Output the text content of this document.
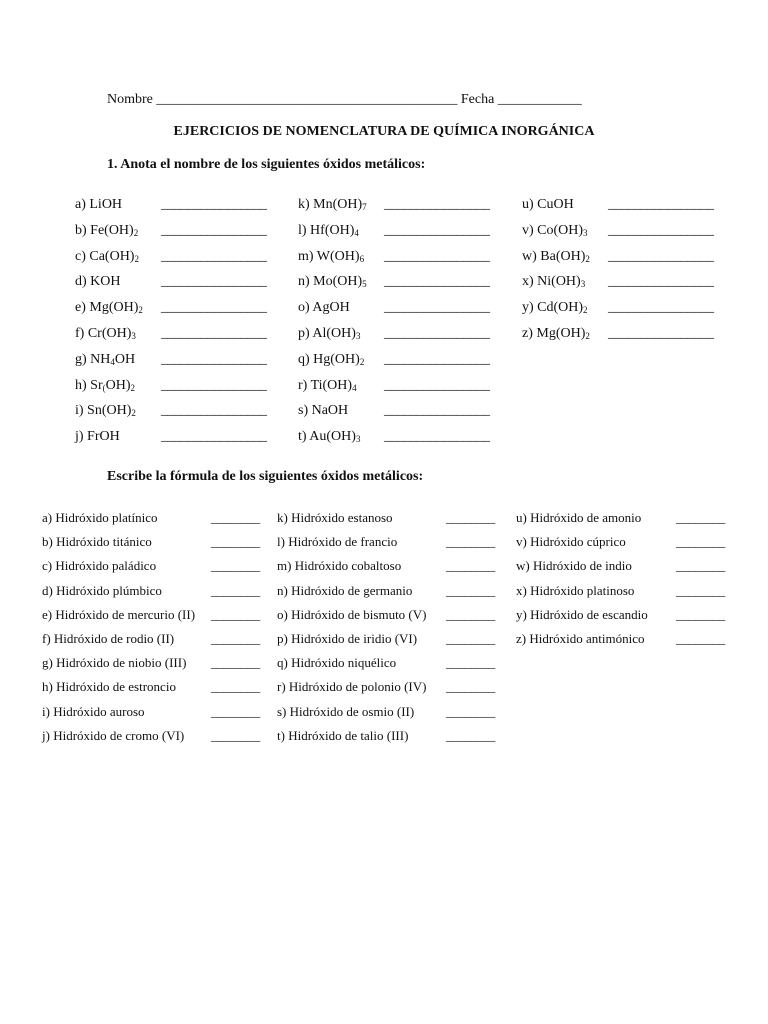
Nombre ___________________________________________ Fecha ____________
EJERCICIOS DE NOMENCLATURA DE QUÍMICA INORGÁNICA
1. Anota el nombre de los siguientes óxidos metálicos:
a) LiOH	________________
b) $Fe(OH)_2$ ________________
c) $Ca(OH)_2$ ________________
d) KOH	________________
e) $Mg(OH)_2$ ________________
f) $Cr(OH)_3$ ________________
g) $NH_4OH$ ________________
h) $Sr_(OH)_2$ ________________
i) $Sn(OH)_2$ ________________
j) FrOH	________________
k) $Mn(OH)_7$ ________________
l) $Hf(OH)_4$ ________________
m) $W(OH)_6$ ________________
n) $Mo(OH)_5$ ________________
o) AgOH ________________
p) $Al(OH)_3$ ________________
q) $Hg(OH)_2$ ________________
r) $Ti(OH)_4$ ________________
s) NaOH	________________
t) $Au(OH)_3$ ________________
u) CuOH ________________
v) $Co(OH)_3$ ________________
w) $Ba(OH)_2$ ________________
x) $Ni(OH)_3$ ________________
y) $Cd(OH)_2$ ________________
z) $Mg(OH)_2$ ________________
Escribe la fórmula de los siguientes óxidos metálicos:
a) Hidróxido platínico	________
b) Hidróxido titánico	________
c) Hidróxido paládico	________
d) Hidróxido plúmbico	________
e) Hidróxido de mercurio (II) ________
f) Hidróxido de rodio (II)	________
g) Hidróxido de niobio (III) ________
h) Hidróxido de estroncio	________
i) Hidróxido auroso	________
j) Hidróxido de cromo (VI) ________
k) Hidróxido estanoso	________
l) Hidróxido de francio	________
m) Hidróxido cobaltoso	________
n) Hidróxido de germanio	________
o) Hidróxido de bismuto (V) ________
p) Hidróxido de iridio (VI) ________
q) Hidróxido niquélico	________
r) Hidróxido de polonio (IV) ________
s) Hidróxido de osmio (II) ________
t) Hidróxido de talio (III)	________
u) Hidróxido de amonio	________
v) Hidróxido cúprico	________
w) Hidróxido de indio	________
x) Hidróxido platinoso	________
y) Hidróxido de escandio ________
z) Hidróxido antimónico ________
